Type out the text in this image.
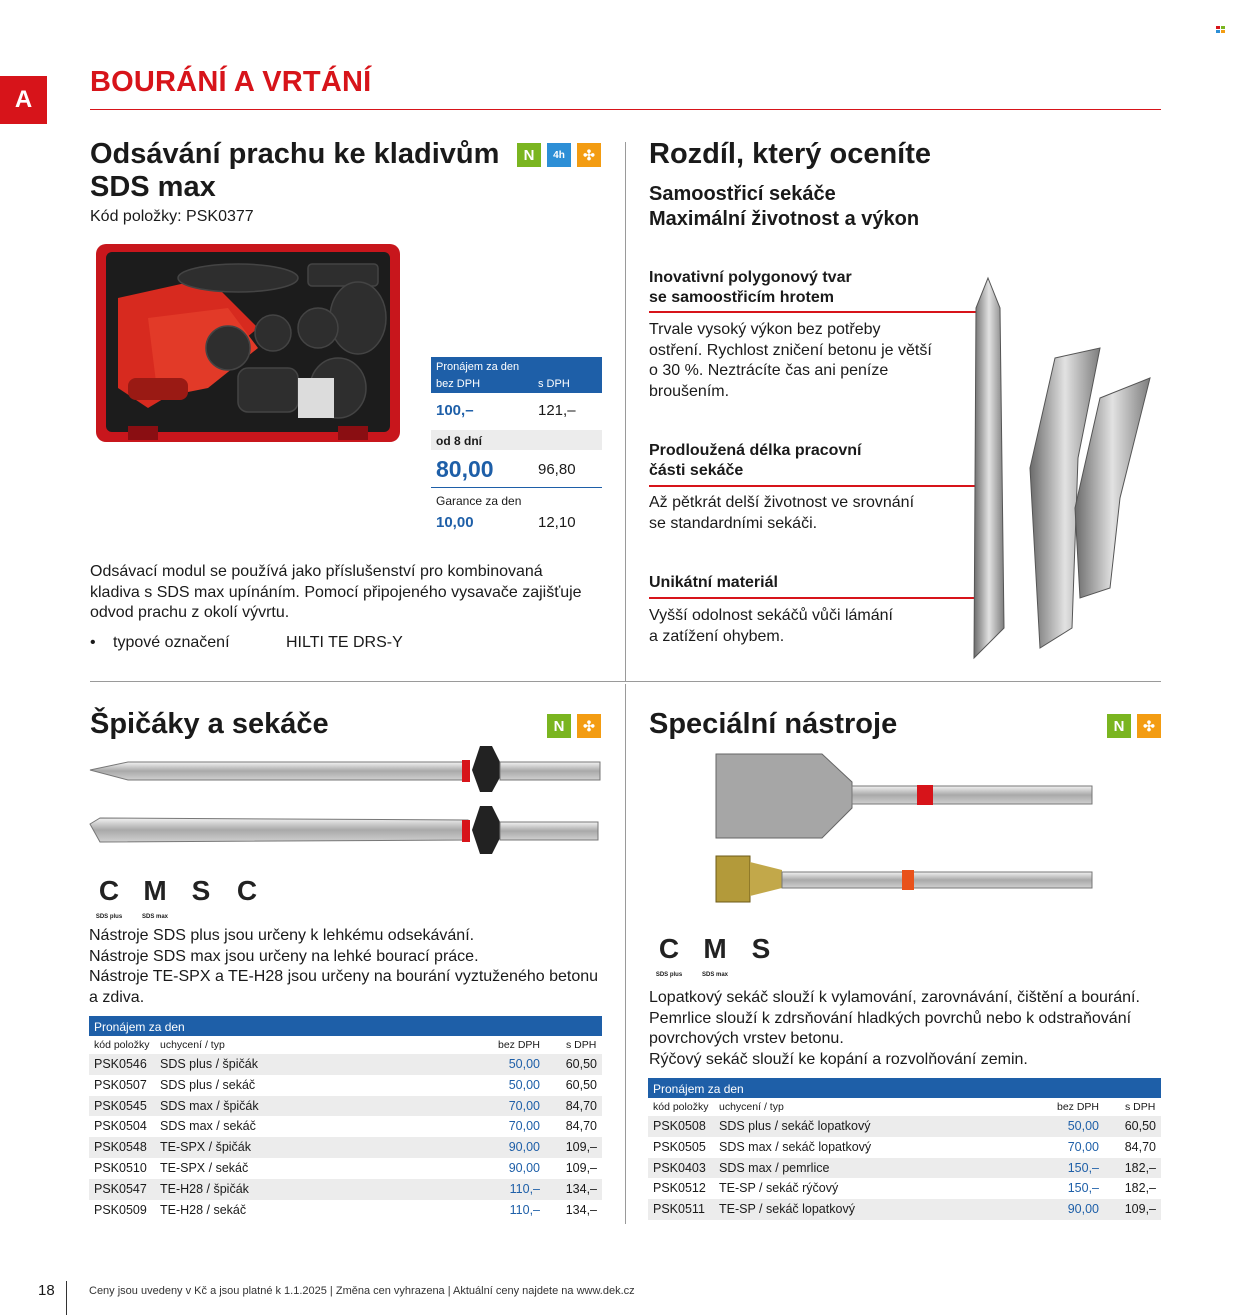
A
BOURÁNÍ A VRTÁNÍ
Odsávání prachu ke kladivům
SDS max
N	4h	✣
Kód položky: PSK0377
Pronájem za den
bez DPH	s DPH
100,–	121,–
od 8 dní
80,00	96,80
Garance za den
10,00	12,10
Odsávací modul se používá jako příslušenství pro kombinovaná
kladiva s SDS max upínáním. Pomocí připojeného vysavače zajišťuje
odvod prachu z okolí vývrtu.
• typové označení	HILTI TE DRS-Y
Rozdíl, který oceníte
Samoostřicí sekáče
Maximální životnost a výkon
Inovativní polygonový tvar
se samoostřicím hrotem
Trvale vysoký výkon bez potřeby
ostření. Rychlost zničení betonu je větší
o 30 %. Neztrácíte čas ani peníze
broušením.
Prodloužená délka pracovní
části sekáče
Až pětkrát delší životnost ve srovnání
se standardními sekáči.
Unikátní materiál
Vyšší odolnost sekáčů vůči lámání
a zatížení ohybem.
Špičáky a sekáče	N	✣
C
SDS plus
M
SDS max
S C
Nástroje SDS plus jsou určeny k lehkému odsekávání.
Nástroje SDS max jsou určeny na lehké bourací práce.
Nástroje TE-SPX a TE-H28 jsou určeny na bourání vyztuženého betonu
a zdiva.
Pronájem za den
kód položky uchycení / typ	bez DPH s DPH
PSK0546 SDS plus / špičák	50,00 60,50
PSK0507 SDS plus / sekáč	50,00 60,50
PSK0545 SDS max / špičák	70,00 84,70
PSK0504 SDS max / sekáč	70,00 84,70
PSK0548 TE-SPX / špičák	90,00 109,–
PSK0510 TE-SPX / sekáč	90,00 109,–
PSK0547 TE-H28 / špičák	110,– 134,–
PSK0509 TE-H28 / sekáč	110,– 134,–
Speciální nástroje	N	✣
C
SDS plus
M
SDS max
S
Lopatkový sekáč slouží k vylamování, zarovnávání, čištění a bourání.
Pemrlice slouží k zdrsňování hladkých povrchů nebo k odstraňování
povrchových vrstev betonu.
Rýčový sekáč slouží ke kopání a rozvolňování zemin.
Pronájem za den
kód položky uchycení / typ	bez DPH s DPH
PSK0508 SDS plus / sekáč lopatkový	50,00 60,50
PSK0505 SDS max / sekáč lopatkový	70,00 84,70
PSK0403 SDS max / pemrlice	150,– 182,–
PSK0512 TE-SP / sekáč rýčový	150,– 182,–
PSK0511 TE-SP / sekáč lopatkový	90,00 109,–
18	Ceny jsou uvedeny v Kč a jsou platné k 1.1.2025 | Změna cen vyhrazena | Aktuální ceny najdete na www.dek.cz
